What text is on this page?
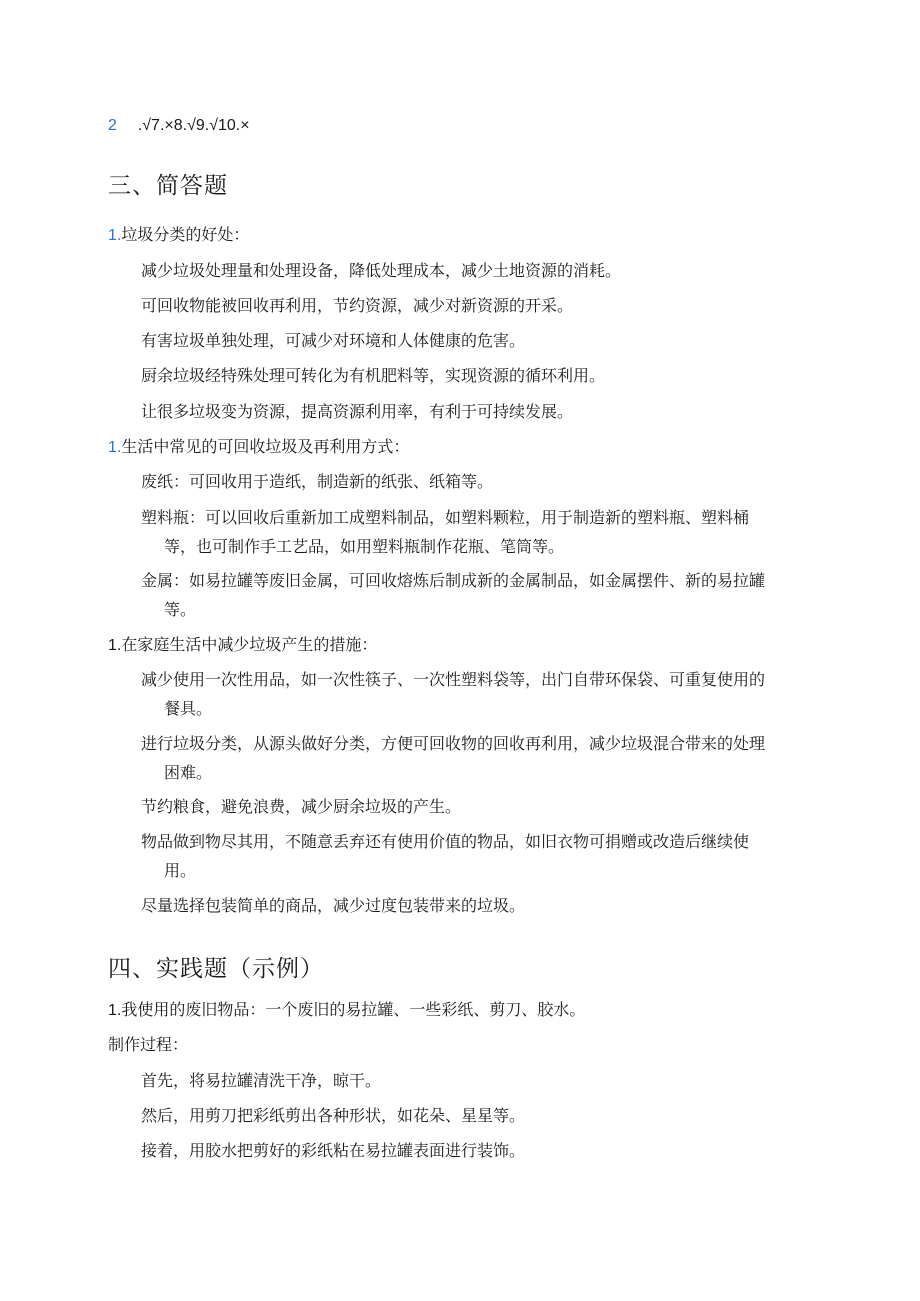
2 .√7.×8.√9.√10.×
三、简答题
1.垃圾分类的好处：
减少垃圾处理量和处理设备，降低处理成本，减少土地资源的消耗。
可回收物能被回收再利用，节约资源，减少对新资源的开采。
有害垃圾单独处理，可减少对环境和人体健康的危害。
厨余垃圾经特殊处理可转化为有机肥料等，实现资源的循环利用。
让很多垃圾变为资源，提高资源利用率，有利于可持续发展。
1.生活中常见的可回收垃圾及再利用方式：
废纸：可回收用于造纸，制造新的纸张、纸箱等。
塑料瓶：可以回收后重新加工成塑料制品，如塑料颗粒，用于制造新的塑料瓶、塑料桶
等，也可制作手工艺品，如用塑料瓶制作花瓶、笔筒等。
金属：如易拉罐等废旧金属，可回收熔炼后制成新的金属制品，如金属摆件、新的易拉罐
等。
1.在家庭生活中减少垃圾产生的措施：
减少使用一次性用品，如一次性筷子、一次性塑料袋等，出门自带环保袋、可重复使用的
餐具。
进行垃圾分类，从源头做好分类，方便可回收物的回收再利用，减少垃圾混合带来的处理
困难。
节约粮食，避免浪费，减少厨余垃圾的产生。
物品做到物尽其用，不随意丢弃还有使用价值的物品，如旧衣物可捐赠或改造后继续使
用。
尽量选择包装简单的商品，减少过度包装带来的垃圾。
四、实践题（示例）
1.我使用的废旧物品：一个废旧的易拉罐、一些彩纸、剪刀、胶水。
制作过程：
首先，将易拉罐清洗干净，晾干。
然后，用剪刀把彩纸剪出各种形状，如花朵、星星等。
接着，用胶水把剪好的彩纸粘在易拉罐表面进行装饰。
